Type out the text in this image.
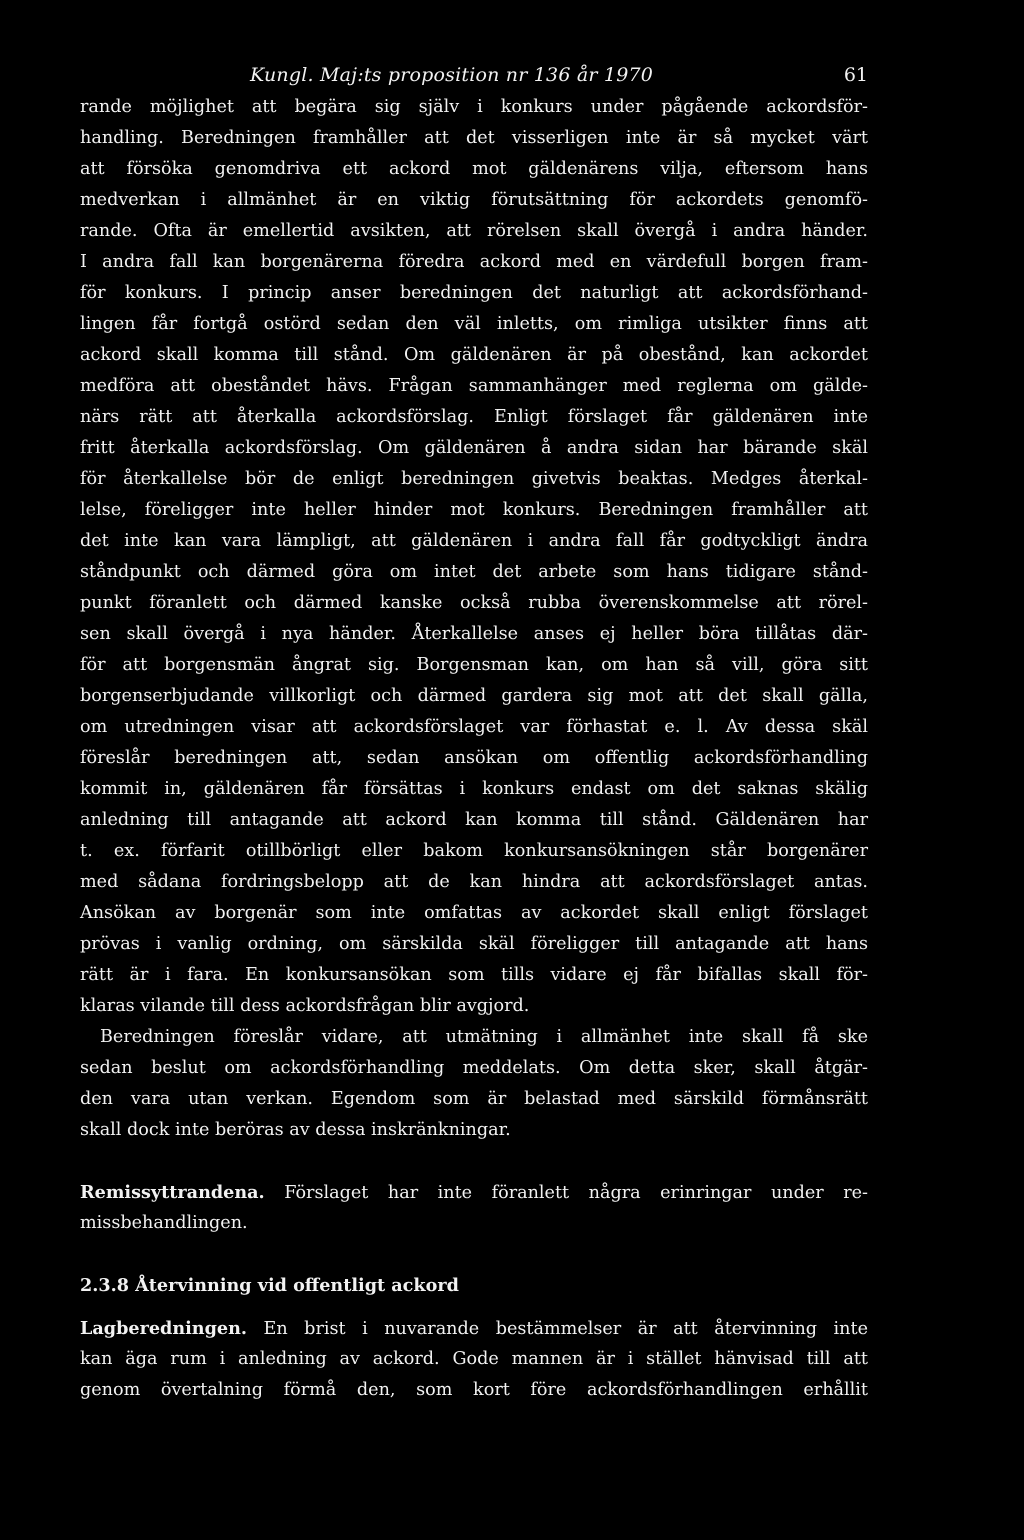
Kungl. Maj:ts proposition nr 136 år 1970	61
rande möjlighet att begära sig själv i konkurs under pågående ackordsför-
handling. Beredningen framhåller att det visserligen inte är så mycket värt
att försöka genomdriva ett ackord mot gäldenärens vilja, eftersom hans
medverkan i allmänhet är en viktig förutsättning för ackordets genomfö-
rande. Ofta är emellertid avsikten, att rörelsen skall övergå i andra händer.
I andra fall kan borgenärerna föredra ackord med en värdefull borgen fram-
för konkurs. I princip anser beredningen det naturligt att ackordsförhand-
lingen får fortgå ostörd sedan den väl inletts, om rimliga utsikter finns att
ackord skall komma till stånd. Om gäldenären är på obestånd, kan ackordet
medföra att obeståndet hävs. Frågan sammanhänger med reglerna om gälde-
närs rätt att återkalla ackordsförslag. Enligt förslaget får gäldenären inte
fritt återkalla ackordsförslag. Om gäldenären å andra sidan har bärande skäl
för återkallelse bör de enligt beredningen givetvis beaktas. Medges återkal-
lelse, föreligger inte heller hinder mot konkurs. Beredningen framhåller att
det inte kan vara lämpligt, att gäldenären i andra fall får godtyckligt ändra
ståndpunkt och därmed göra om intet det arbete som hans tidigare stånd-
punkt föranlett och därmed kanske också rubba överenskommelse att rörel-
sen skall övergå i nya händer. Återkallelse anses ej heller böra tillåtas där-
för att borgensmän ångrat sig. Borgensman kan, om han så vill, göra sitt
borgenserbjudande villkorligt och därmed gardera sig mot att det skall gälla,
om utredningen visar att ackordsförslaget var förhastat e. l. Av dessa skäl
föreslår beredningen att, sedan ansökan om offentlig ackordsförhandling
kommit in, gäldenären får försättas i konkurs endast om det saknas skälig
anledning till antagande att ackord kan komma till stånd. Gäldenären har
t. ex. förfarit otillbörligt eller bakom konkursansökningen står borgenärer
med sådana fordringsbelopp att de kan hindra att ackordsförslaget antas.
Ansökan av borgenär som inte omfattas av ackordet skall enligt förslaget
prövas i vanlig ordning, om särskilda skäl föreligger till antagande att hans
rätt är i fara. En konkursansökan som tills vidare ej får bifallas skall för-
klaras vilande till dess ackordsfrågan blir avgjord.
Beredningen föreslår vidare, att utmätning i allmänhet inte skall få ske
sedan beslut om ackordsförhandling meddelats. Om detta sker, skall åtgär-
den vara utan verkan. Egendom som är belastad med särskild förmånsrätt
skall dock inte beröras av dessa inskränkningar.
Remissyttrandena. Förslaget har inte föranlett några erinringar under re-
missbehandlingen.
2.3.8 Återvinning vid offentligt ackord
Lagberedningen. En brist i nuvarande bestämmelser är att återvinning inte
kan äga rum i anledning av ackord. Gode mannen är i stället hänvisad till att
genom övertalning förmå den, som kort före ackordsförhandlingen erhållit
